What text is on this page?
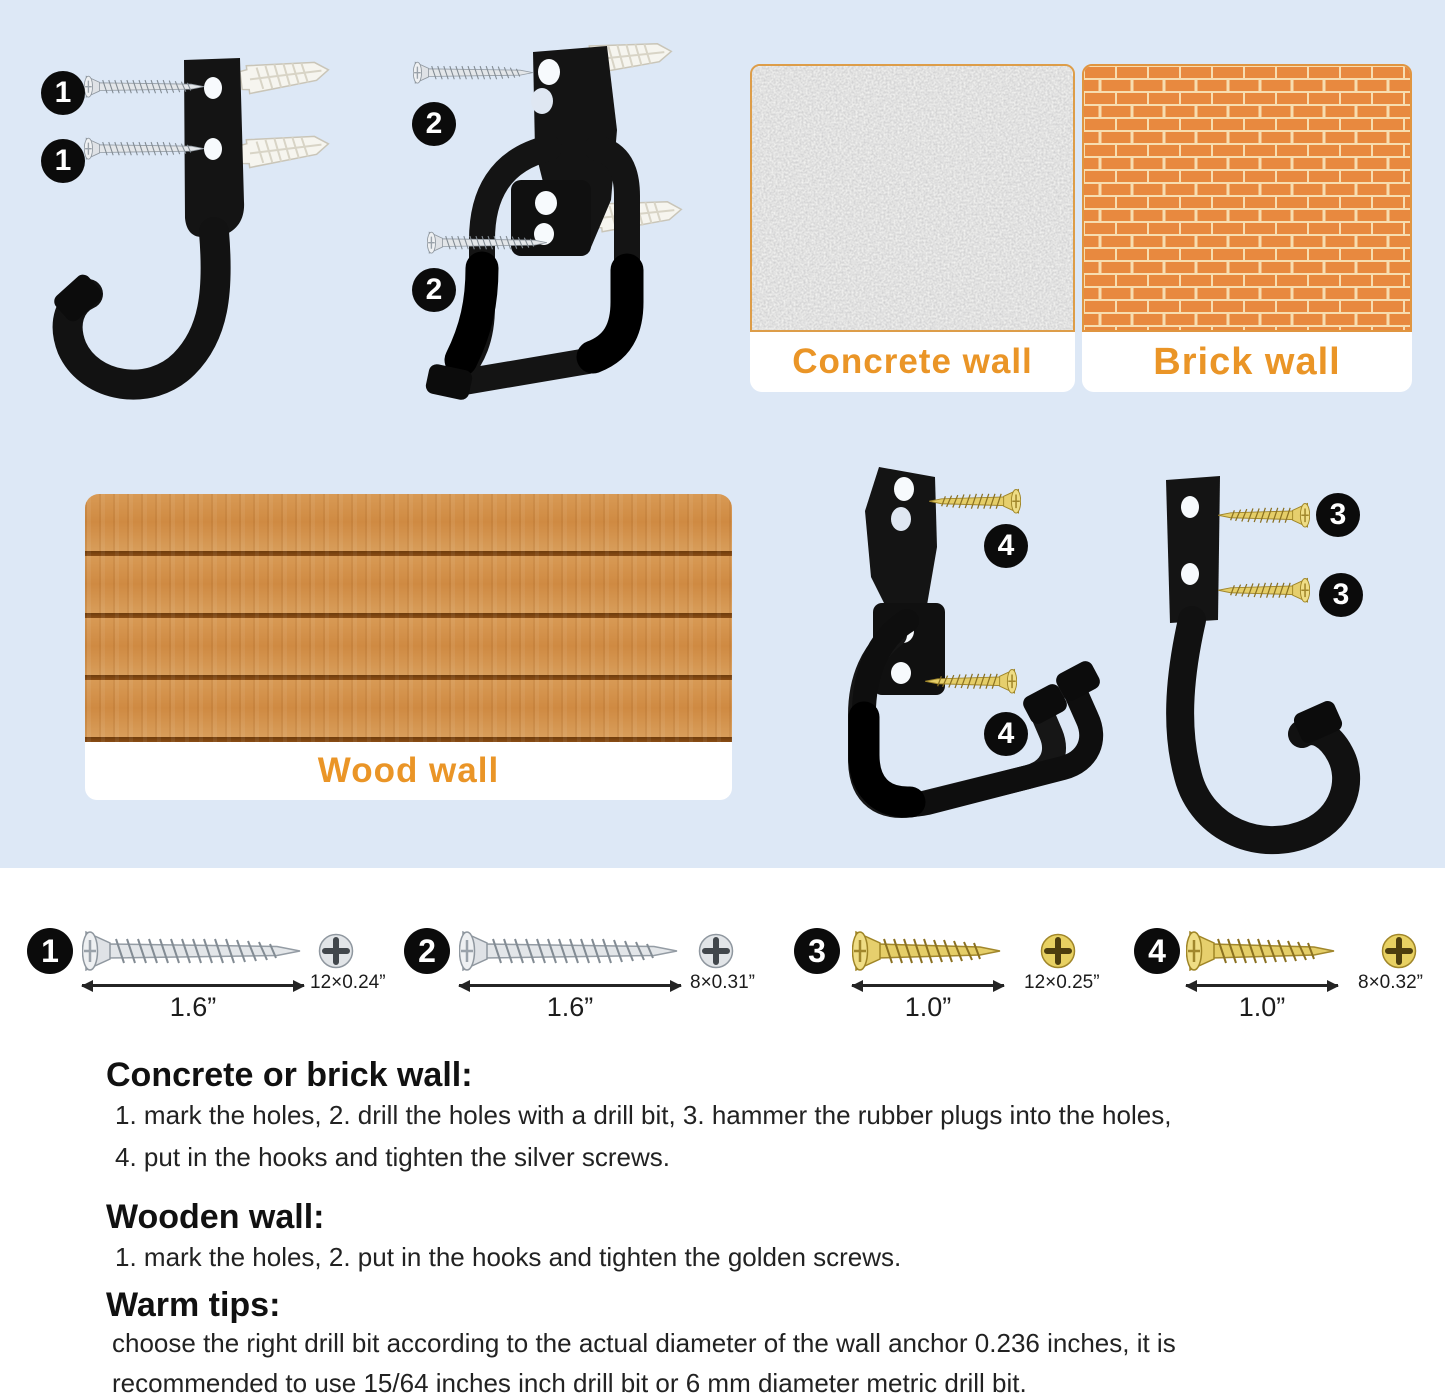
1
1
2
2
Concrete wall	Brick wall
Wood wall
4
4
3
3
1
12×0.24”
1.6”
2
8×0.31”
1.6”
3
12×0.25”
1.0”
4
8×0.32”
1.0”
Concrete or brick wall:
1. mark the holes, 2. drill the holes with a drill bit, 3. hammer the rubber plugs into the holes,
4. put in the hooks and tighten the silver screws.
Wooden wall:
1. mark the holes, 2. put in the hooks and tighten the golden screws.
Warm tips:
choose the right drill bit according to the actual diameter of the wall anchor 0.236 inches, it is
recommended to use 15/64 inches inch drill bit or 6 mm diameter metric drill bit.
